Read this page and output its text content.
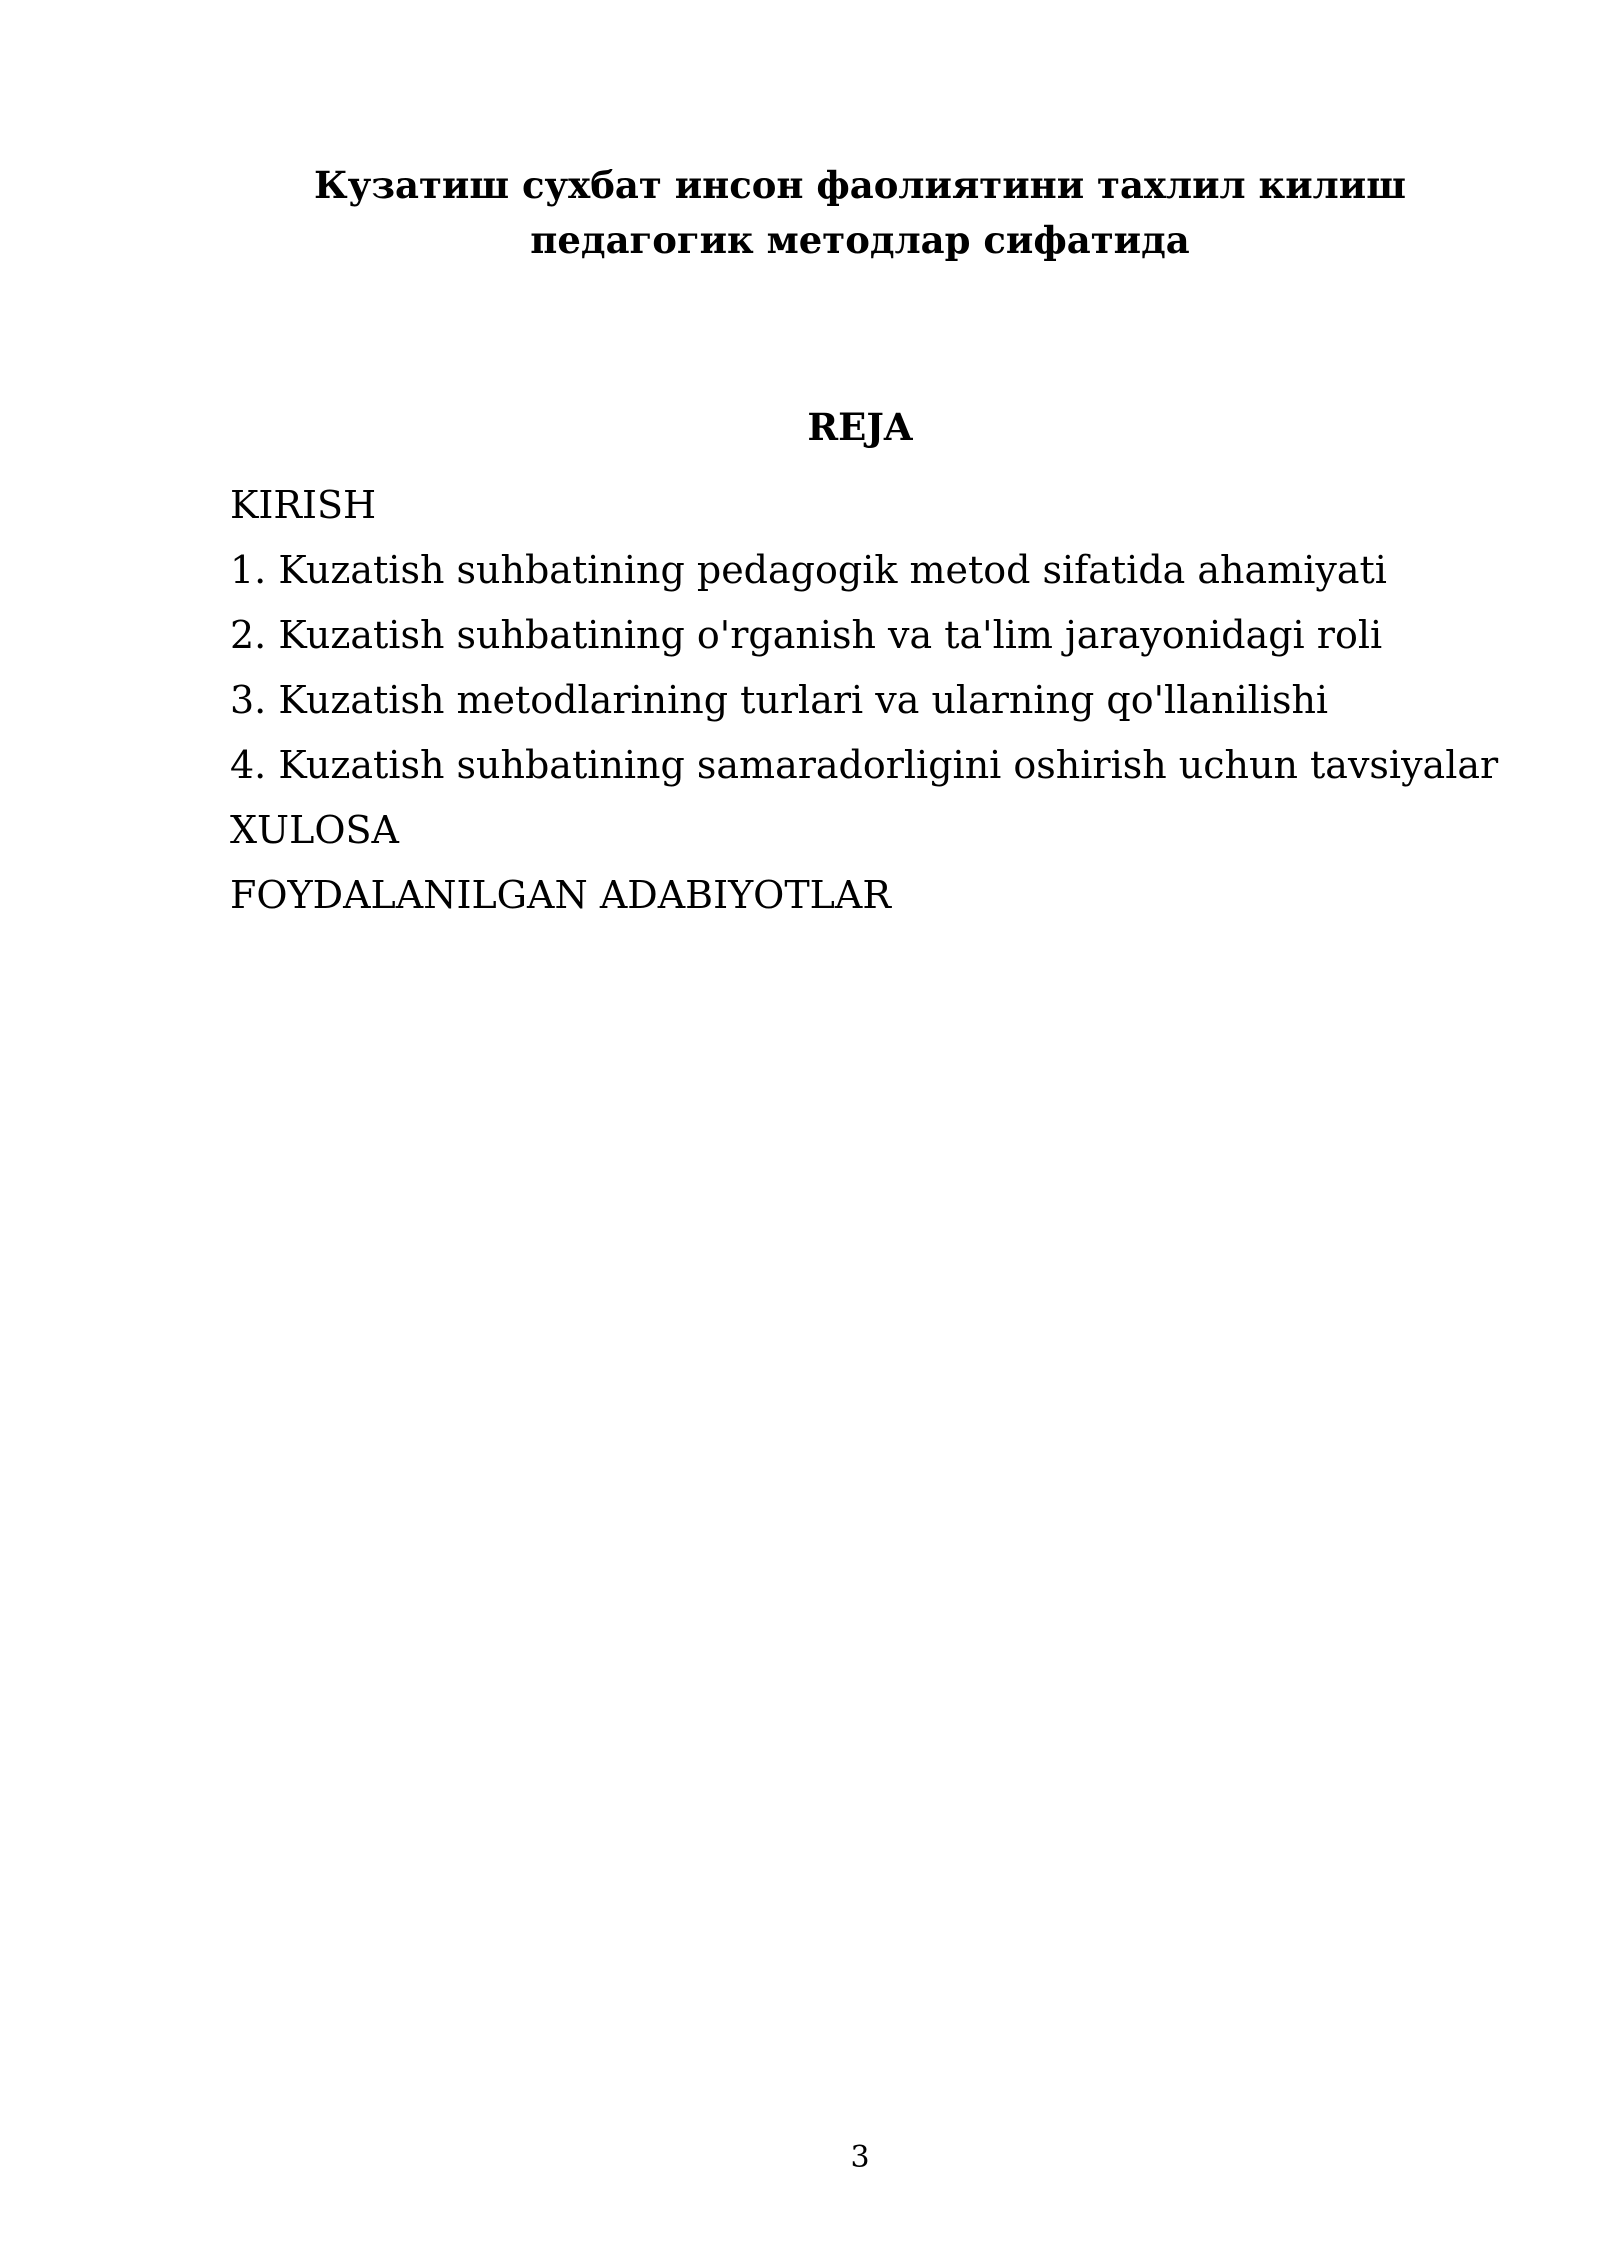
Кузатиш сухбат инсон фаолиятини тахлил килиш
педагогик методлар сифатида
REJA
KIRISH
1. Kuzatish suhbatining pedagogik metod sifatida ahamiyati
2. Kuzatish suhbatining o'rganish va ta'lim jarayonidagi roli
3. Kuzatish metodlarining turlari va ularning qo'llanilishi
4. Kuzatish suhbatining samaradorligini oshirish uchun tavsiyalar
XULOSA
FOYDALANILGAN ADABIYOTLAR
3
